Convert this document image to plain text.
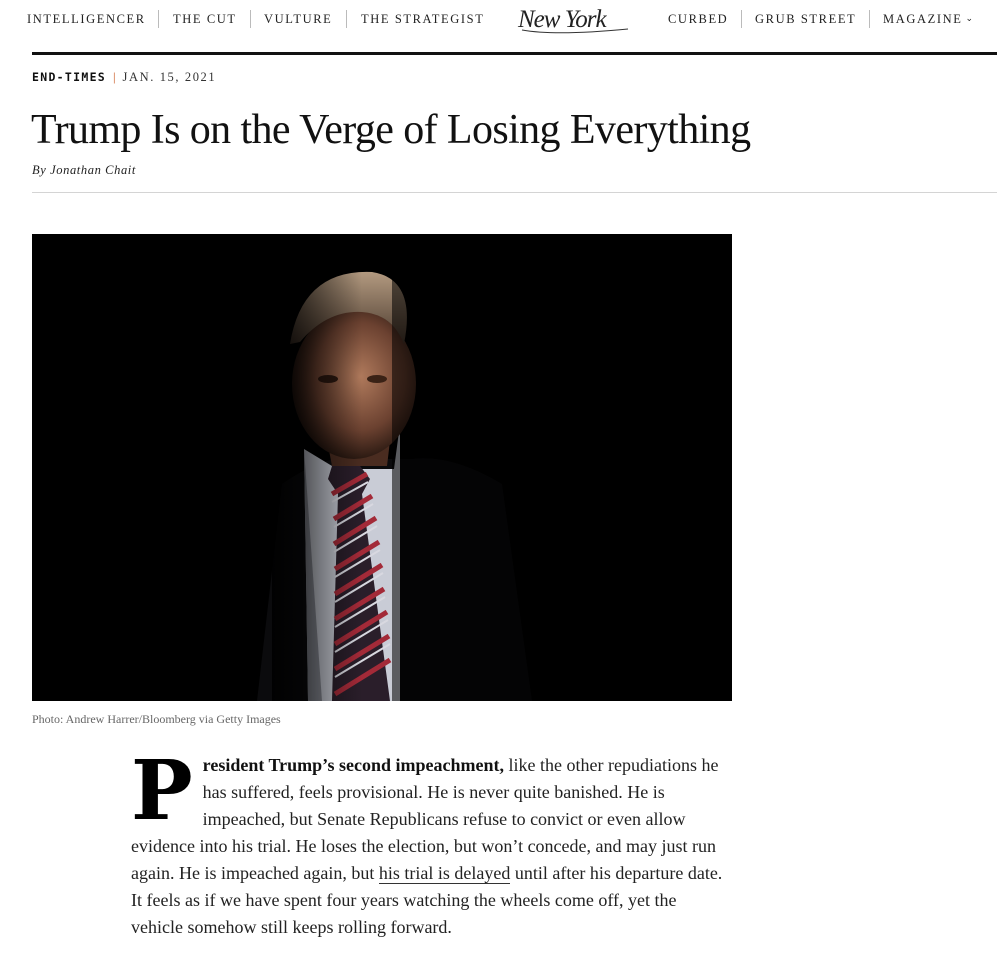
INTELLIGENCER THE CUT VULTURE THE STRATEGIST New York	CURBED GRUB STREET MAGAZINE ⌄
END-TIMES | JAN. 15, 2021
Trump Is on the Verge of Losing Everything
By Jonathan Chait
Photo: Andrew Harrer/Bloomberg via Getty Images

President Trump’s second impeachment, like the other repudiations he has suffered, feels provisional. He is never quite banished. He is impeached, but Senate Republicans refuse to convict or even allow evidence into his trial. He loses the election, but won’t concede, and may just run again. He is impeached again, but his trial is delayed until after his departure date. It feels as if we have spent four years watching the wheels come off, yet the vehicle somehow still keeps rolling forward.
